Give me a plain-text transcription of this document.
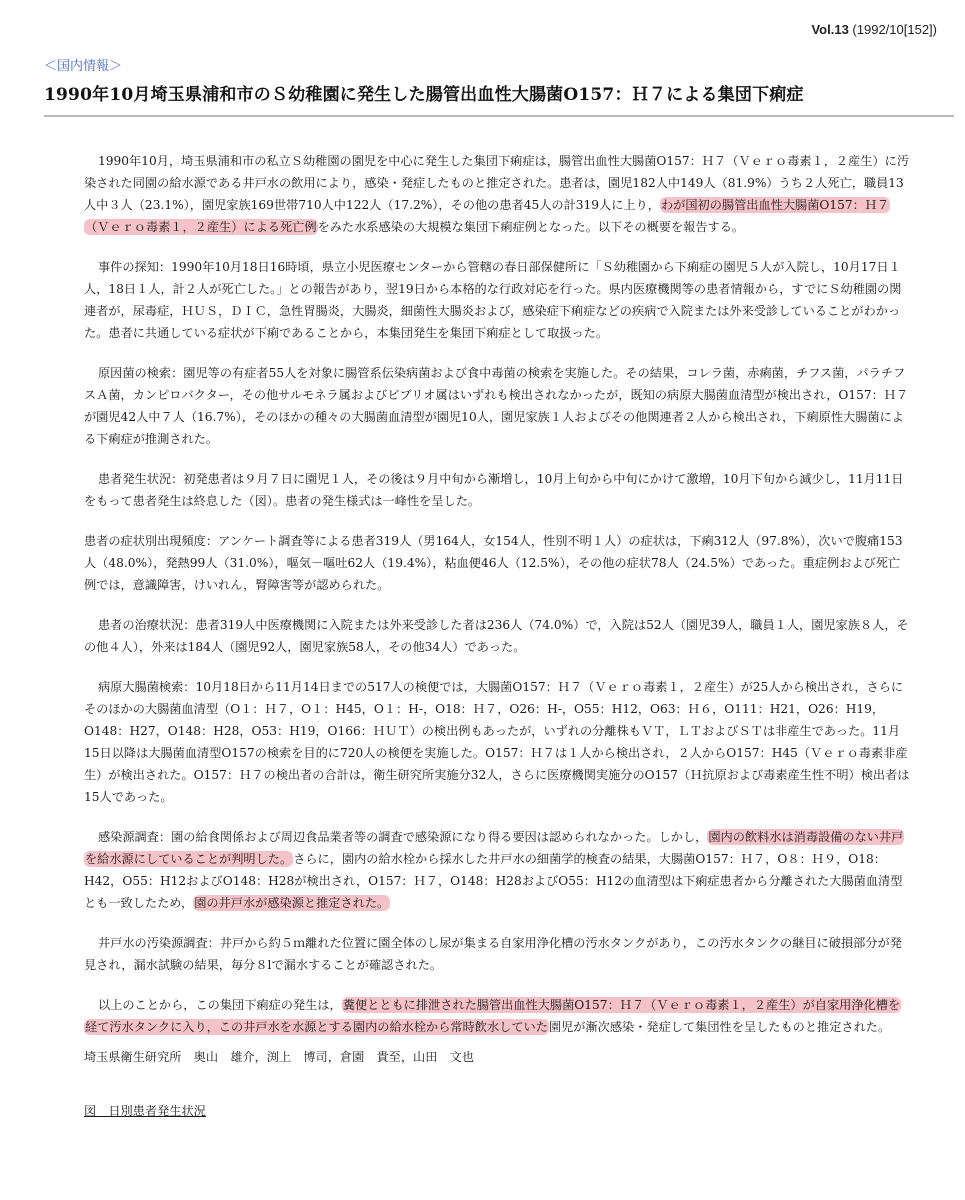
Vol.13 (1992/10[152])
＜国内情報＞
1990年10月埼玉県浦和市のＳ幼稚園に発生した腸管出血性大腸菌O157：Ｈ７による集団下痢症

1990年10月，埼玉県浦和市の私立Ｓ幼稚園の園児を中心に発生した集団下痢症は，腸管出血性大腸菌O157：Ｈ７（Ｖｅｒｏ毒素１，２産生）に汚染された同園の給水源である井戸水の飲用により，感染・発症したものと推定された。患者は，園児182人中149人（81.9%）うち２人死亡，職員13人中３人（23.1%），園児家族169世帯710人中122人（17.2%），その他の患者45人の計319人に上り，わが国初の腸管出血性大腸菌O157：Ｈ７（Ｖｅｒｏ毒素１，２産生）による死亡例をみた水系感染の大規模な集団下痢症例となった。以下その概要を報告する。

事件の探知：1990年10月18日16時頃，県立小児医療センターから管轄の春日部保健所に「Ｓ幼稚園から下痢症の園児５人が入院し，10月17日１人，18日１人，計２人が死亡した。」との報告があり，翌19日から本格的な行政対応を行った。県内医療機関等の患者情報から，すでにＳ幼稚園の関連者が，尿毒症，ＨＵＳ，ＤＩＣ，急性胃腸炎，大腸炎，細菌性大腸炎および，感染症下痢症などの疾病で入院または外来受診していることがわかった。患者に共通している症状が下痢であることから，本集団発生を集団下痢症として取扱った。

原因菌の検索：園児等の有症者55人を対象に腸管系伝染病菌および食中毒菌の検索を実施した。その結果，コレラ菌，赤痢菌，チフス菌，パラチフスＡ菌，カンピロバクター，その他サルモネラ属およびビブリオ属はいずれも検出されなかったが，既知の病原大腸菌血清型が検出され，O157：Ｈ７が園児42人中７人（16.7%），そのほかの種々の大腸菌血清型が園児10人，園児家族１人およびその他関連者２人から検出され，下痢原性大腸菌による下痢症が推測された。

患者発生状況：初発患者は９月７日に園児１人，その後は９月中旬から漸増し，10月上旬から中旬にかけて激増，10月下旬から減少し，11月11日をもって患者発生は終息した（図）。患者の発生様式は一峰性を呈した。

患者の症状別出現頻度：アンケート調査等による患者319人（男164人，女154人，性別不明１人）の症状は，下痢312人（97.8%），次いで腹痛153人（48.0%），発熱99人（31.0%），嘔気－嘔吐62人（19.4%），粘血便46人（12.5%），その他の症状78人（24.5%）であった。重症例および死亡例では，意識障害，けいれん，腎障害等が認められた。

患者の治療状況：患者319人中医療機関に入院または外来受診した者は236人（74.0%）で，入院は52人（園児39人，職員１人，園児家族８人，その他４人），外来は184人（園児92人，園児家族58人，その他34人）であった。

病原大腸菌検索：10月18日から11月14日までの517人の検便では，大腸菌O157：Ｈ７（Ｖｅｒｏ毒素１，２産生）が25人から検出され，さらにそのほかの大腸菌血清型（O１：Ｈ７，O１：H45，O１：H-，O18：Ｈ７，O26：H-，O55：H12，O63：Ｈ６，O111：H21，O26：H19，O148：H27，O148：H28，O53：H19，O166：ＨＵＴ）の検出例もあったが，いずれの分離株もＶＴ，ＬＴおよびＳＴは非産生であった。11月15日以降は大腸菌血清型O157の検索を目的に720人の検便を実施した。O157：Ｈ７は１人から検出され，２人からO157：H45（Ｖｅｒｏ毒素非産生）が検出された。O157：Ｈ７の検出者の合計は，衛生研究所実施分32人，さらに医療機関実施分のO157（Ｈ抗原および毒素産生性不明）検出者は15人であった。

感染源調査：園の給食関係および周辺食品業者等の調査で感染源になり得る要因は認められなかった。しかし，園内の飲料水は消毒設備のない井戸を給水源にしていることが判明した。さらに，園内の給水栓から採水した井戸水の細菌学的検査の結果，大腸菌O157：Ｈ７，O８：Ｈ９，O18：H42，O55：H12およびO148：H28が検出され，O157：Ｈ７，O148：H28およびO55：H12の血清型は下痢症患者から分離された大腸菌血清型とも一致したため，園の井戸水が感染源と推定された。

井戸水の汚染源調査：井戸から約５ｍ離れた位置に園全体のし尿が集まる自家用浄化槽の汚水タンクがあり，この汚水タンクの継目に破損部分が発見され，漏水試験の結果，毎分８lで漏水することが確認された。

以上のことから，この集団下痢症の発生は，糞便とともに排泄された腸管出血性大腸菌O157：Ｈ７（Ｖｅｒｏ毒素１，２産生）が自家用浄化槽を経て汚水タンクに入り，この井戸水を水源とする園内の給水栓から常時飲水していた園児が漸次感染・発症して集団性を呈したものと推定された。

埼玉県衛生研究所　奥山　雄介，渕上　博司，倉園　貴至，山田　文也
図　日別患者発生状況
